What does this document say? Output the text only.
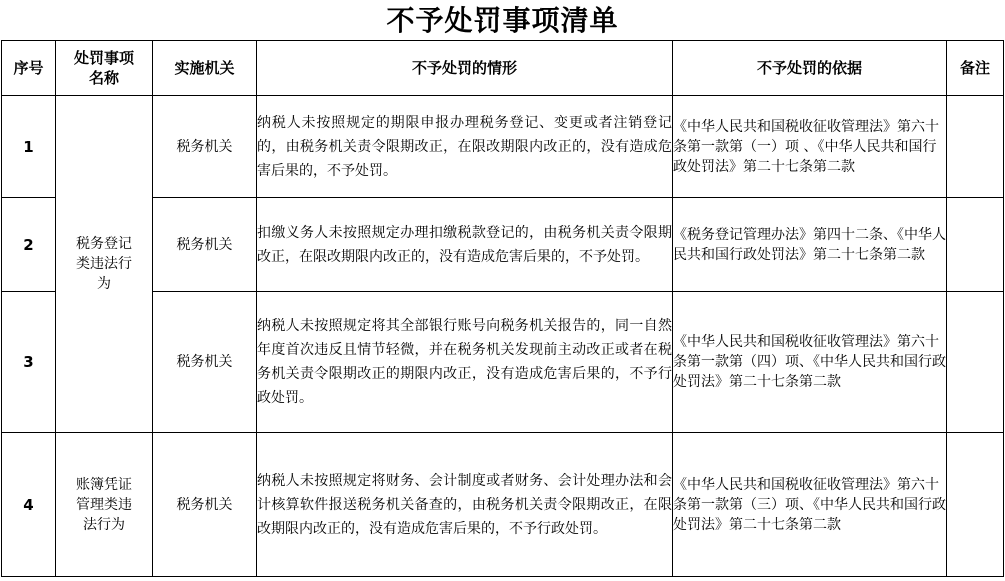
不予处罚事项清单
序号	处罚事项名称	实施机关	不予处罚的情形	不予处罚的依据	备注
1	税务登记类违法行为	税务机关	纳税人未按照规定的期限申报办理税务登记、变更或者注销登记的，由税务机关责令限期改正，在限改期限内改正的，没有造成危害后果的，不予处罚。	《中华人民共和国税收征收管理法》第六十条第一款第（一）项 、《中华人民共和国行政处罚法》第二十七条第二款	
2		税务机关	扣缴义务人未按照规定办理扣缴税款登记的，由税务机关责令限期改正，在限改期限内改正的，没有造成危害后果的，不予处罚。	《税务登记管理办法》第四十二条、《中华人民共和国行政处罚法》第二十七条第二款	
3		税务机关	纳税人未按照规定将其全部银行账号向税务机关报告的，同一自然年度首次违反且情节轻微，并在税务机关发现前主动改正或者在税务机关责令限期改正的期限内改正，没有造成危害后果的，不予行政处罚。	《中华人民共和国税收征收管理法》第六十条第一款第（四）项、《中华人民共和国行政处罚法》第二十七条第二款	
4	账簿凭证管理类违法行为	税务机关	纳税人未按照规定将财务、会计制度或者财务、会计处理办法和会计核算软件报送税务机关备查的，由税务机关责令限期改正，在限改期限内改正的，没有造成危害后果的，不予行政处罚。	《中华人民共和国税收征收管理法》第六十条第一款第（三）项、《中华人民共和国行政处罚法》第二十七条第二款	
